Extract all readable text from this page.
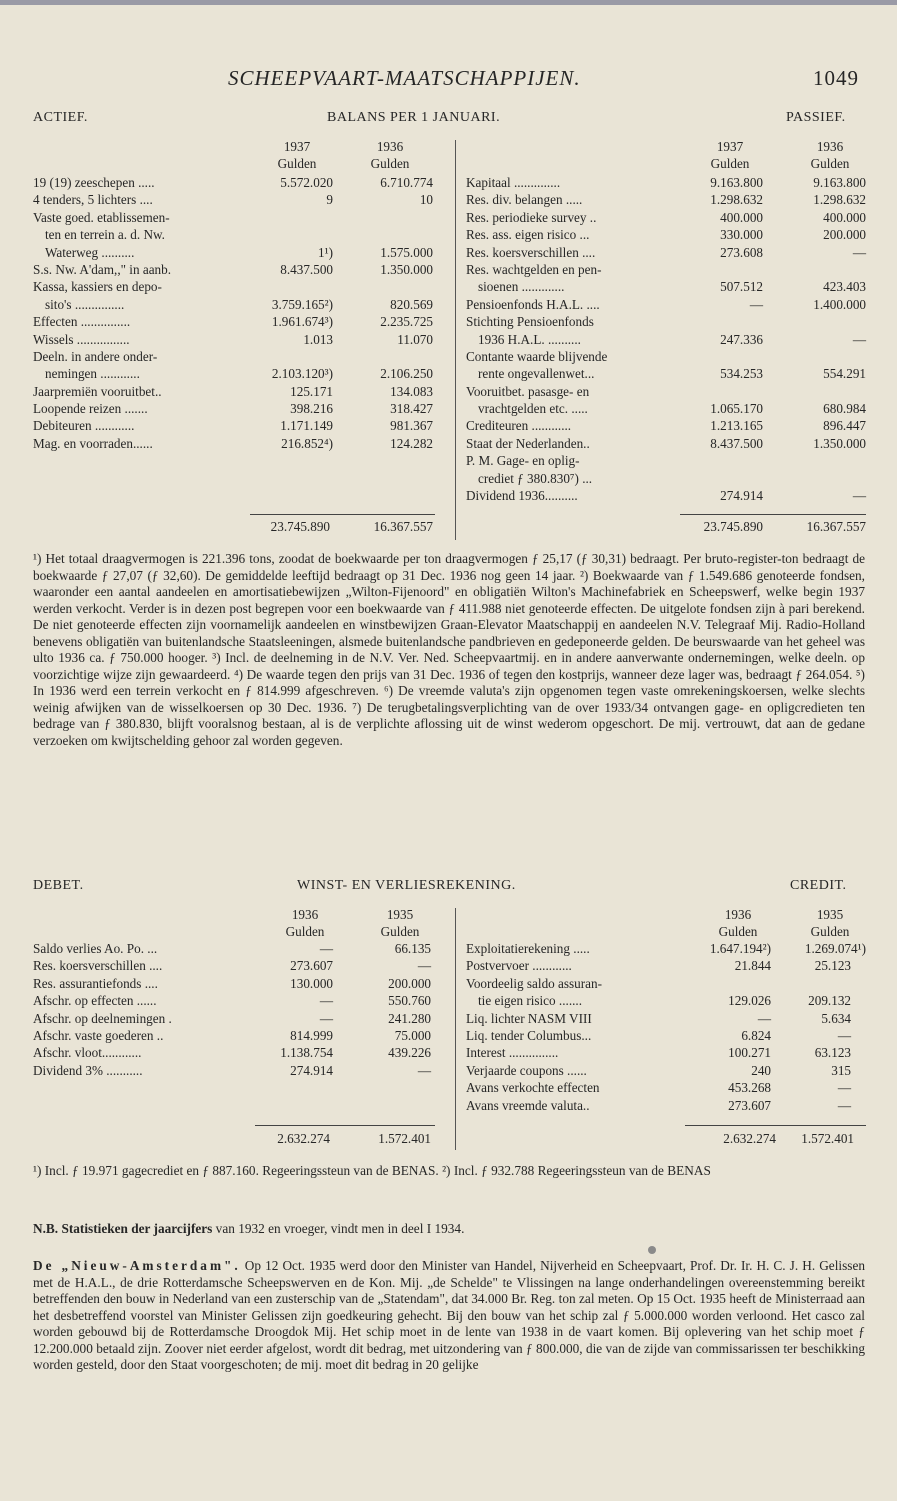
SCHEEPVAART-MAATSCHAPPIJEN.	1049
ACTIEF.	BALANS PER 1 JANUARI.	PASSIEF.
1937	1936
Gulden	Gulden
1937	1936
Gulden	Gulden
19 (19) zeeschepen .....	5.572.020	6.710.774
4 tenders, 5 lichters ....	9	10
Vaste goed. etablissemen-
ten en terrein a. d. Nw.
Waterweg ..........	1¹)	1.575.000
S.s. Nw. A'dam,," in aanb.	8.437.500	1.350.000
Kassa, kassiers en depo-
sito's ...............	3.759.165²)	820.569
Effecten ...............	1.961.674³)	2.235.725
Wissels ................	1.013	11.070
Deeln. in andere onder-
nemingen ............	2.103.120³)	2.106.250
Jaarpremiën vooruitbet..	125.171	134.083
Loopende reizen .......	398.216	318.427
Debiteuren ............	1.171.149	981.367
Mag. en voorraden......	216.852⁴)	124.282
Kapitaal ..............	9.163.800	9.163.800
Res. div. belangen .....	1.298.632	1.298.632
Res. periodieke survey ..	400.000	400.000
Res. ass. eigen risico ...	330.000	200.000
Res. koersverschillen ....	273.608	—
Res. wachtgelden en pen-
sioenen .............	507.512	423.403
Pensioenfonds H.A.L. ....	—	1.400.000
Stichting Pensioenfonds
1936 H.A.L. ..........	247.336	—
Contante waarde blijvende
rente ongevallenwet...	534.253	554.291
Vooruitbet. pasasge- en
vrachtgelden etc. .....	1.065.170	680.984
Crediteuren ............	1.213.165	896.447
Staat der Nederlanden..	8.437.500	1.350.000
P. M. Gage- en oplig-
crediet ƒ 380.830⁷) ...
Dividend 1936..........	274.914	—
23.745.890	16.367.557	23.745.890	16.367.557
¹) Het totaal draagvermogen is 221.396 tons, zoodat de boekwaarde per ton draagvermogen ƒ 25,17 (ƒ 30,31) bedraagt. Per bruto-register-ton bedraagt de boekwaarde ƒ 27,07 (ƒ 32,60). De gemiddelde leeftijd bedraagt op 31 Dec. 1936 nog geen 14 jaar. ²) Boekwaarde van ƒ 1.549.686 genoteerde fondsen, waaronder een aantal aandeelen en amortisatiebewijzen „Wilton-Fijenoord" en obligatiën Wilton's Machinefabriek en Scheepswerf, welke begin 1937 werden verkocht. Verder is in dezen post begrepen voor een boekwaarde van ƒ 411.988 niet genoteerde effecten. De uitgelote fondsen zijn à pari berekend. De niet genoteerde effecten zijn voornamelijk aandeelen en winstbewijzen Graan-Elevator Maatschappij en aandeelen N.V. Telegraaf Mij. Radio-Holland benevens obligatiën van buitenlandsche Staatsleeningen, alsmede buitenlandsche pandbrieven en gedeponeerde gelden. De beurswaarde van het geheel was ulto 1936 ca. ƒ 750.000 hooger. ³) Incl. de deelneming in de N.V. Ver. Ned. Scheepvaartmij. en in andere aanverwante ondernemingen, welke deeln. op voorzichtige wijze zijn gewaardeerd. ⁴) De waarde tegen den prijs van 31 Dec. 1936 of tegen den kostprijs, wanneer deze lager was, bedraagt ƒ 264.054. ⁵) In 1936 werd een terrein verkocht en ƒ 814.999 afgeschreven. ⁶) De vreemde valuta's zijn opgenomen tegen vaste omrekeningskoersen, welke slechts weinig afwijken van de wisselkoersen op 30 Dec. 1936. ⁷) De terugbetalingsverplichting van de over 1933/34 ontvangen gage- en opligcredieten ten bedrage van ƒ 380.830, blijft vooralsnog bestaan, al is de verplichte aflossing uit de winst wederom opgeschort. De mij. vertrouwt, dat aan de gedane verzoeken om kwijtschelding gehoor zal worden gegeven.
DEBET.	WINST- EN VERLIESREKENING.	CREDIT.
1936	1935
Gulden	Gulden
1936	1935
Gulden	Gulden
Saldo verlies Ao. Po. ...	—	66.135
Res. koersverschillen ....	273.607	—
Res. assurantiefonds ....	130.000	200.000
Afschr. op effecten ......	—	550.760
Afschr. op deelnemingen .	—	241.280
Afschr. vaste goederen ..	814.999	75.000
Afschr. vloot............	1.138.754	439.226
Dividend 3% ...........	274.914	—
Exploitatierekening .....	1.647.194²)	1.269.074¹)
Postvervoer ............	21.844	25.123
Voordeelig saldo assuran-
tie eigen risico .......	129.026	209.132
Liq. lichter NASM VIII	—	5.634
Liq. tender Columbus...	6.824	—
Interest ...............	100.271	63.123
Verjaarde coupons ......	240	315
Avans verkochte effecten	453.268	—
Avans vreemde valuta..	273.607	—
2.632.274	1.572.401	2.632.274	1.572.401
¹) Incl. ƒ 19.971 gagecrediet en ƒ 887.160. Regeeringssteun van de BENAS. ²) Incl. ƒ 932.788 Regeeringssteun van de BENAS
N.B. Statistieken der jaarcijfers van 1932 en vroeger, vindt men in deel I 1934.
De „Nieuw-Amsterdam". Op 12 Oct. 1935 werd door den Minister van Handel, Nijverheid en Scheepvaart, Prof. Dr. Ir. H. C. J. H. Gelissen met de H.A.L., de drie Rotterdamsche Scheepswerven en de Kon. Mij. „de Schelde" te Vlissingen na lange onderhandelingen overeenstemming bereikt betreffenden den bouw in Nederland van een zusterschip van de „Statendam", dat 34.000 Br. Reg. ton zal meten. Op 15 Oct. 1935 heeft de Ministerraad aan het desbetreffend voorstel van Minister Gelissen zijn goedkeuring gehecht. Bij den bouw van het schip zal ƒ 5.000.000 worden verloond. Het casco zal worden gebouwd bij de Rotterdamsche Droogdok Mij. Het schip moet in de lente van 1938 in de vaart komen. Bij oplevering van het schip moet ƒ 12.200.000 betaald zijn. Zoover niet eerder afgelost, wordt dit bedrag, met uitzondering van ƒ 800.000, die van de zijde van commissarissen ter beschikking worden gesteld, door den Staat voorgeschoten; de mij. moet dit bedrag in 20 gelijke
